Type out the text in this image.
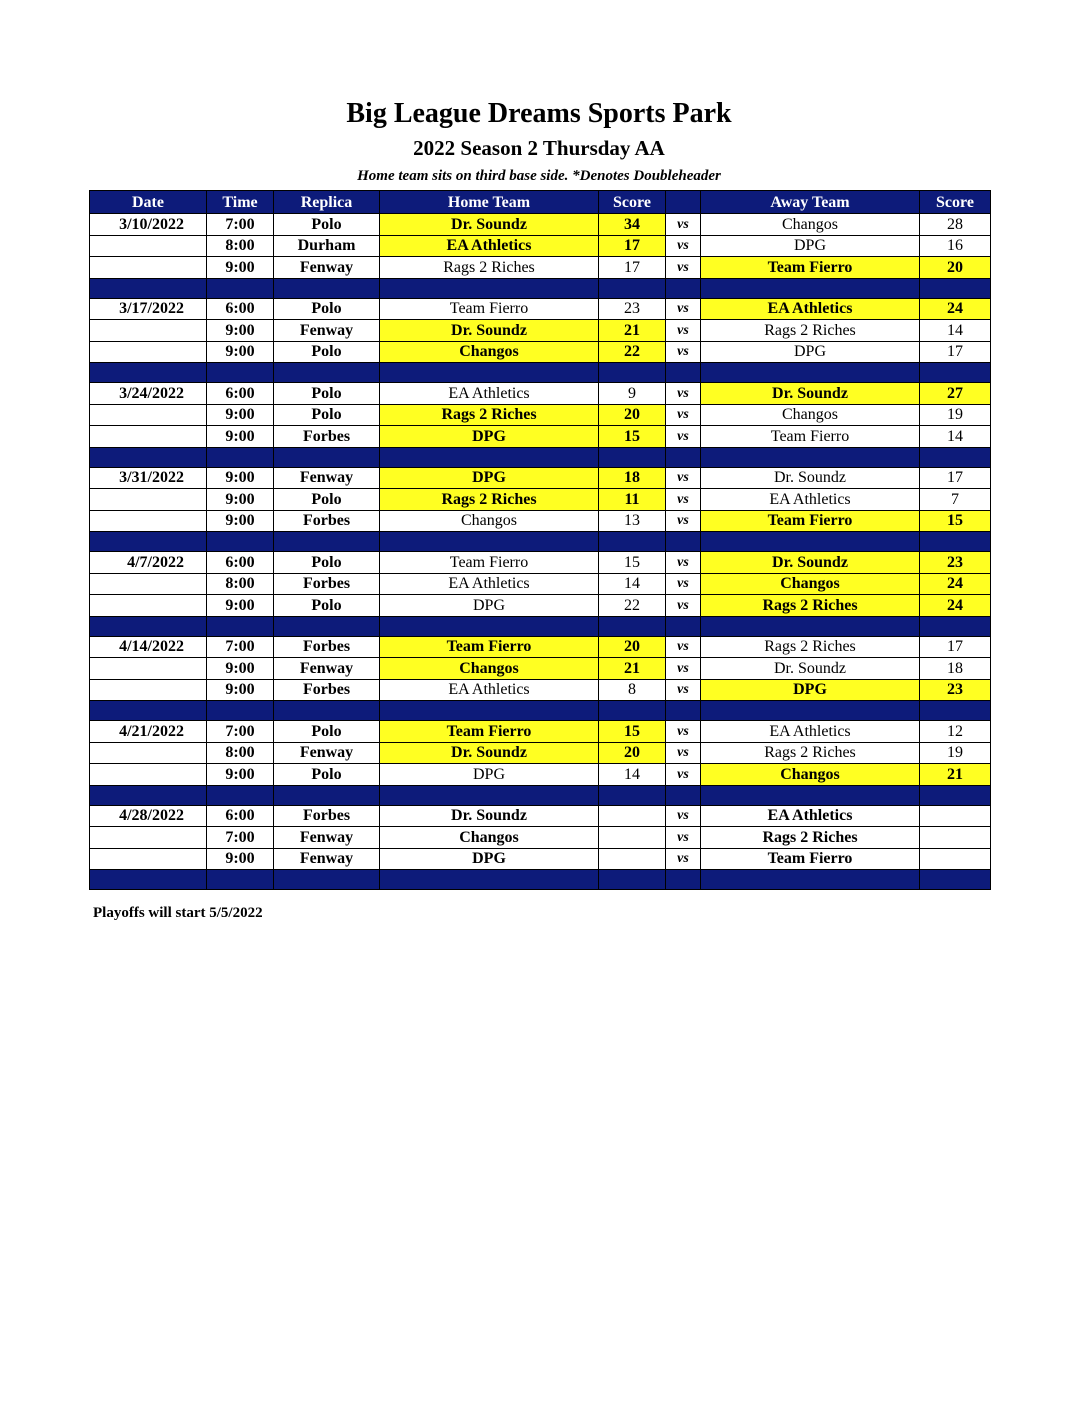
Big League Dreams Sports Park
2022 Season 2 Thursday AA
Home team sits on third base side. *Denotes Doubleheader
Date	Time	Replica	Home Team	Score		Away Team	Score
3/10/2022	7:00	Polo	Dr. Soundz	34	vs	Changos	28
	8:00	Durham	EA Athletics	17	vs	DPG	16
	9:00	Fenway	Rags 2 Riches	17	vs	Team Fierro	20

3/17/2022	6:00	Polo	Team Fierro	23	vs	EA Athletics	24
	9:00	Fenway	Dr. Soundz	21	vs	Rags 2 Riches	14
	9:00	Polo	Changos	22	vs	DPG	17

3/24/2022	6:00	Polo	EA Athletics	9	vs	Dr. Soundz	27
	9:00	Polo	Rags 2 Riches	20	vs	Changos	19
	9:00	Forbes	DPG	15	vs	Team Fierro	14

3/31/2022	9:00	Fenway	DPG	18	vs	Dr. Soundz	17
	9:00	Polo	Rags 2 Riches	11	vs	EA Athletics	7
	9:00	Forbes	Changos	13	vs	Team Fierro	15

4/7/2022	6:00	Polo	Team Fierro	15	vs	Dr. Soundz	23
	8:00	Forbes	EA Athletics	14	vs	Changos	24
	9:00	Polo	DPG	22	vs	Rags 2 Riches	24

4/14/2022	7:00	Forbes	Team Fierro	20	vs	Rags 2 Riches	17
	9:00	Fenway	Changos	21	vs	Dr. Soundz	18
	9:00	Forbes	EA Athletics	8	vs	DPG	23

4/21/2022	7:00	Polo	Team Fierro	15	vs	EA Athletics	12
	8:00	Fenway	Dr. Soundz	20	vs	Rags 2 Riches	19
	9:00	Polo	DPG	14	vs	Changos	21

4/28/2022	6:00	Forbes	Dr. Soundz		vs	EA Athletics	
	7:00	Fenway	Changos		vs	Rags 2 Riches	
	9:00	Fenway	DPG		vs	Team Fierro	

Playoffs will start 5/5/2022
